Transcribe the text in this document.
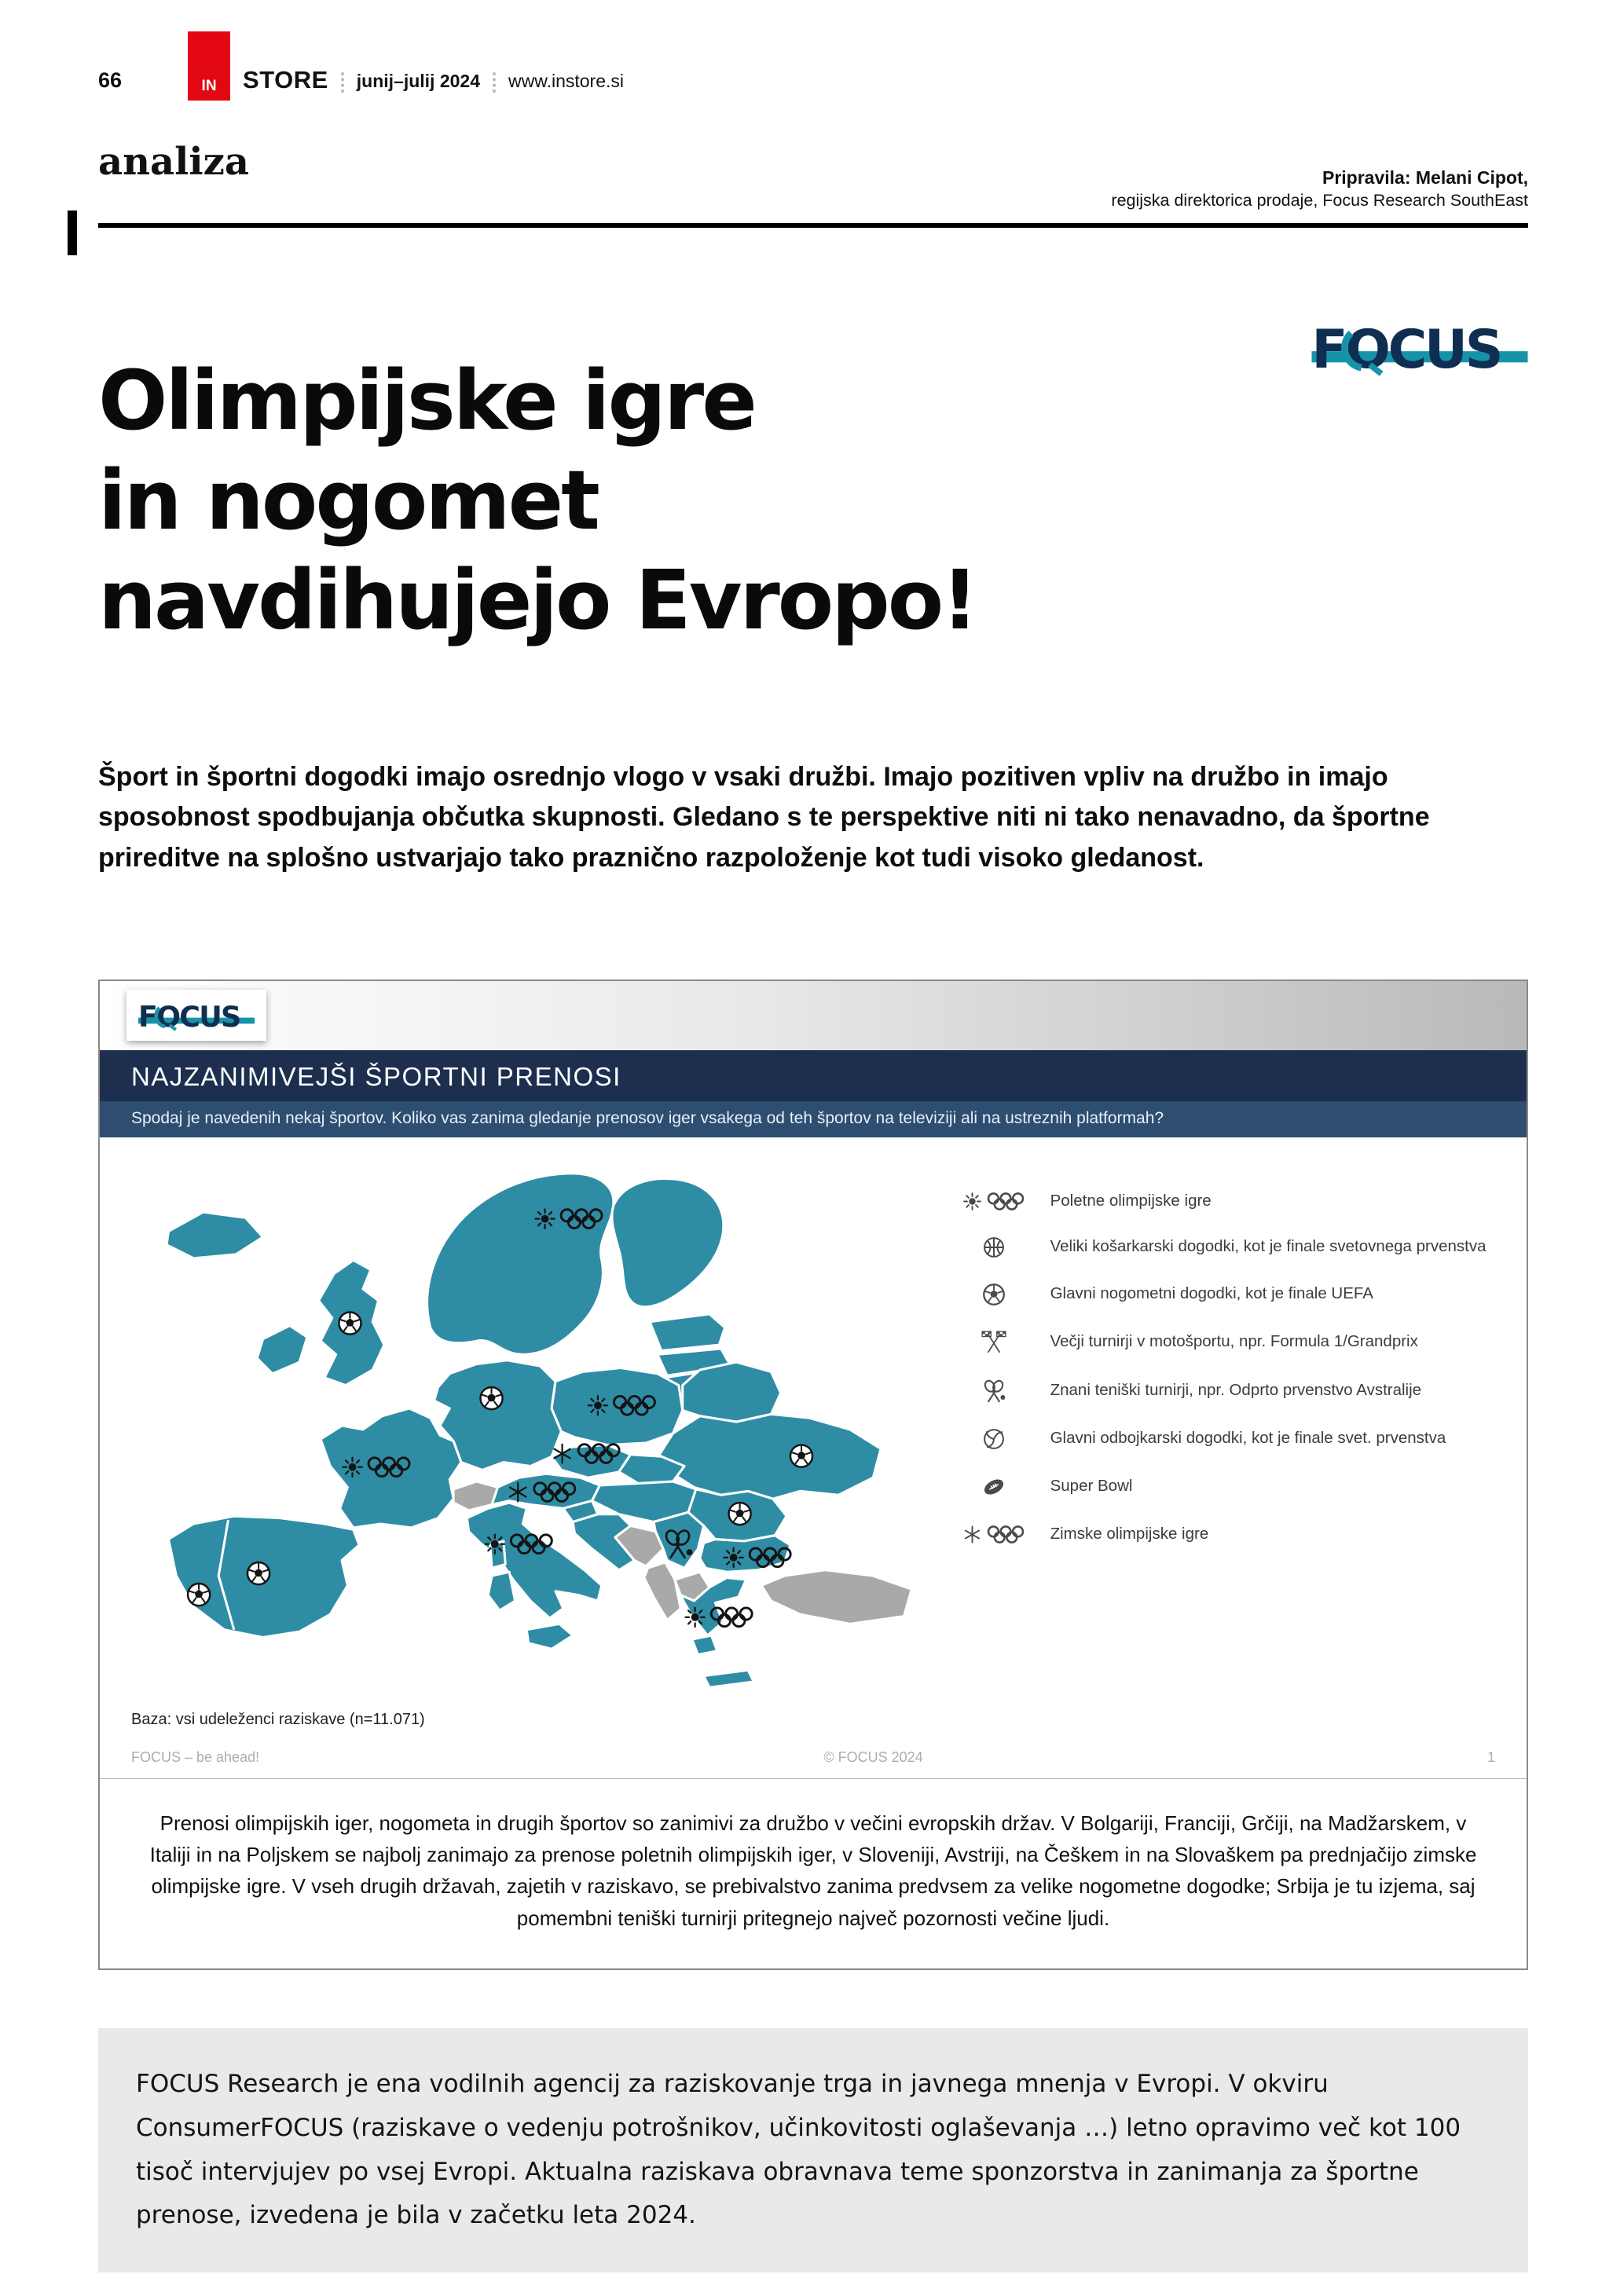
66	IN STORE junij–julij 2024 www.instore.si
analiza	Pripravila: Melani Cipot,
regijska direktorica prodaje, Focus Research SouthEast
Olimpijske igre
in nogomet
navdihujejo Evropo!

Šport in športni dogodki imajo osrednjo vlogo v vsaki družbi. Imajo pozitiven vpliv na družbo in imajo sposobnost spodbujanja občutka skupnosti. Gledano s te perspektive niti ni tako nenavadno, da športne prireditve na splošno ustvarjajo tako praznično razpoloženje kot tudi visoko gledanost.

NAJZANIMIVEJŠI ŠPORTNI PRENOSI
Spodaj je navedenih nekaj športov. Koliko vas zanima gledanje prenosov iger vsakega od teh športov na televiziji ali na ustreznih platformah?
Poletne olimpijske igre
Veliki košarkarski dogodki, kot je finale svetovnega prvenstva
Glavni nogometni dogodki, kot je finale UEFA
Večji turnirji v motošportu, npr. Formula 1/Grandprix
Znani teniški turnirji, npr. Odprto prvenstvo Avstralije
Glavni odbojkarski dogodki, kot je finale svet. prvenstva
Super Bowl
Zimske olimpijske igre
Baza: vsi udeleženci raziskave (n=11.071)
FOCUS – be ahead!	© FOCUS 2024	1
Prenosi olimpijskih iger, nogometa in drugih športov so zanimivi za družbo v večini evropskih držav. V Bolgariji, Franciji, Grčiji, na Madžarskem, v Italiji in na Poljskem se najbolj zanimajo za prenose poletnih olimpijskih iger, v Sloveniji, Avstriji, na Češkem in na Slovaškem pa prednjačijo zimske olimpijske igre. V vseh drugih državah, zajetih v raziskavo, se prebivalstvo zanima predvsem za velike nogometne dogodke; Srbija je tu izjema, saj pomembni teniški turnirji pritegnejo največ pozornosti večine ljudi.
FOCUS Research je ena vodilnih agencij za raziskovanje trga in javnega mnenja v Evropi. V okviru ConsumerFOCUS (raziskave o vedenju potrošnikov, učinkovitosti oglaševanja …) letno opravimo več kot 100 tisoč intervjujev po vsej Evropi. Aktualna raziskava obravnava teme sponzorstva in zanimanja za športne prenose, izvedena je bila v začetku leta 2024.
